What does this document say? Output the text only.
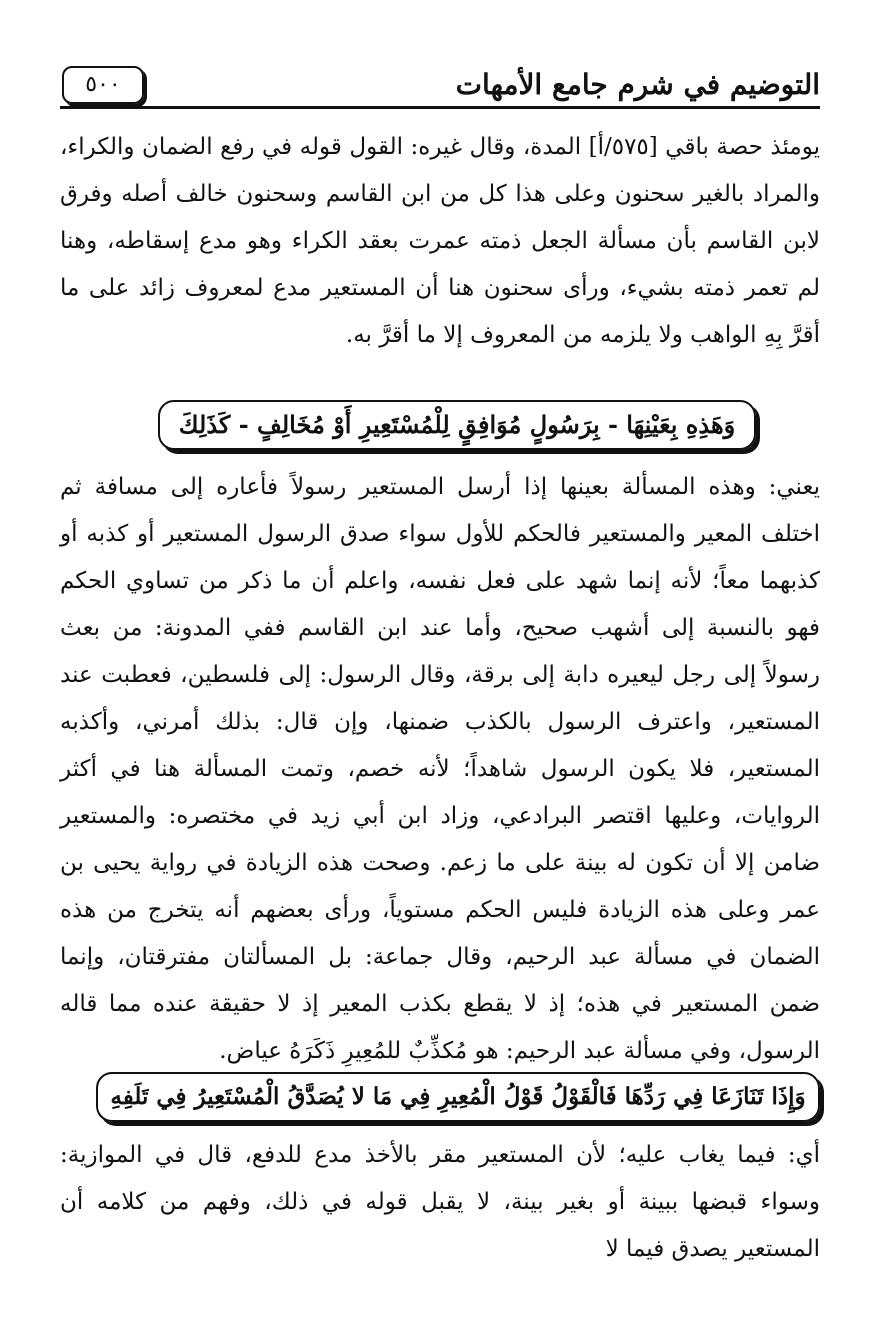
التوضيم في شرم جامع الأمهات
٥٠٠

يومئذ حصة باقي [٥٧٥/أ] المدة، وقال غيره: القول قوله في رفع الضمان والكراء، والمراد بالغير سحنون وعلى هذا كل من ابن القاسم وسحنون خالف أصله وفرق لابن القاسم بأن مسألة الجعل ذمته عمرت بعقد الكراء وهو مدع إسقاطه، وهنا لم تعمر ذمته بشيء، ورأى سحنون هنا أن المستعير مدع لمعروف زائد على ما أقرَّ بِهِ الواهب ولا يلزمه من المعروف إلا ما أقرَّ به.

وَهَذِهِ بِعَيْنِهَا - بِرَسُولٍ مُوَافِقٍ لِلْمُسْتَعِيرِ أَوْ مُخَالِفٍ - كَذَلِكَ

يعني: وهذه المسألة بعينها إذا أرسل المستعير رسولاً فأعاره إلى مسافة ثم اختلف المعير والمستعير فالحكم للأول سواء صدق الرسول المستعير أو كذبه أو كذبهما معاً؛ لأنه إنما شهد على فعل نفسه، واعلم أن ما ذكر من تساوي الحكم فهو بالنسبة إلى أشهب صحيح، وأما عند ابن القاسم ففي المدونة: من بعث رسولاً إلى رجل ليعيره دابة إلى برقة، وقال الرسول: إلى فلسطين، فعطبت عند المستعير، واعترف الرسول بالكذب ضمنها، وإن قال: بذلك أمرني، وأكذبه المستعير، فلا يكون الرسول شاهداً؛ لأنه خصم، وتمت المسألة هنا في أكثر الروايات، وعليها اقتصر البرادعي، وزاد ابن أبي زيد في مختصره: والمستعير ضامن إلا أن تكون له بينة على ما زعم. وصحت هذه الزيادة في رواية يحيى بن عمر وعلى هذه الزيادة فليس الحكم مستوياً، ورأى بعضهم أنه يتخرج من هذه الضمان في مسألة عبد الرحيم، وقال جماعة: بل المسألتان مفترقتان، وإنما ضمن المستعير في هذه؛ إذ لا يقطع بكذب المعير إذ لا حقيقة عنده مما قاله الرسول، وفي مسألة عبد الرحيم: هو مُكذِّبٌ للمُعِيرِ ذَكَرَهُ عياض.

وَإِذَا تَنَازَعَا فِي رَدِّهَا فَالْقَوْلُ قَوْلُ الْمُعِيرِ فِي مَا لا يُصَدَّقُ الْمُسْتَعِيرُ فِي تَلَفِهِ

أي: فيما يغاب عليه؛ لأن المستعير مقر بالأخذ مدع للدفع، قال في الموازية: وسواء قبضها ببينة أو بغير بينة، لا يقبل قوله في ذلك، وفهم من كلامه أن المستعير يصدق فيما لا
